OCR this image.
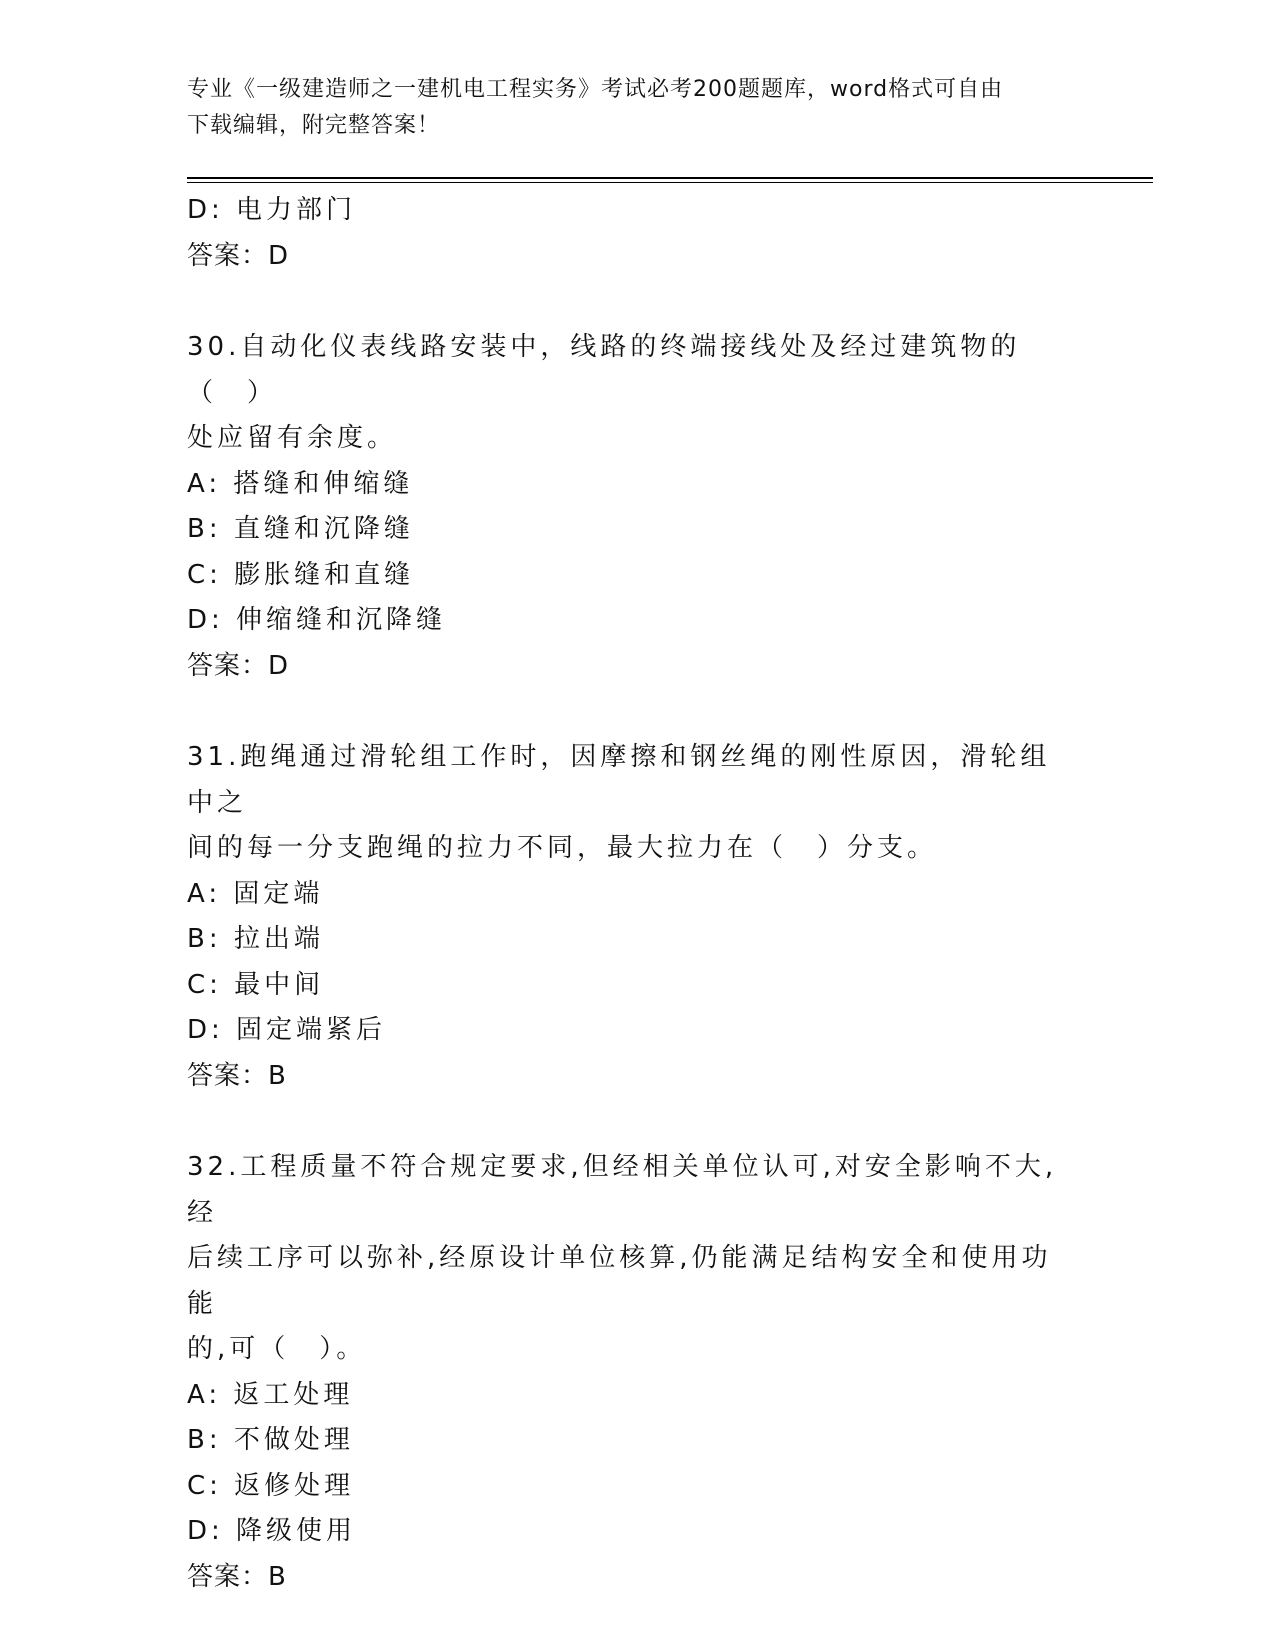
专业《一级建造师之一建机电工程实务》考试必考200题题库，word格式可自由
下载编辑，附完整答案！
D: 电力部门
答案：D
30.自动化仪表线路安装中，线路的终端接线处及经过建筑物的（　）
处应留有余度。
A: 搭缝和伸缩缝
B: 直缝和沉降缝
C: 膨胀缝和直缝
D: 伸缩缝和沉降缝
答案：D
31.跑绳通过滑轮组工作时，因摩擦和钢丝绳的刚性原因，滑轮组中之
间的每一分支跑绳的拉力不同，最大拉力在（　）分支。
A: 固定端
B: 拉出端
C: 最中间
D: 固定端紧后
答案：B
32.工程质量不符合规定要求,但经相关单位认可,对安全影响不大,经
后续工序可以弥补,经原设计单位核算,仍能满足结构安全和使用功能
的,可（　）。
A: 返工处理
B: 不做处理
C: 返修处理
D: 降级使用
答案：B
